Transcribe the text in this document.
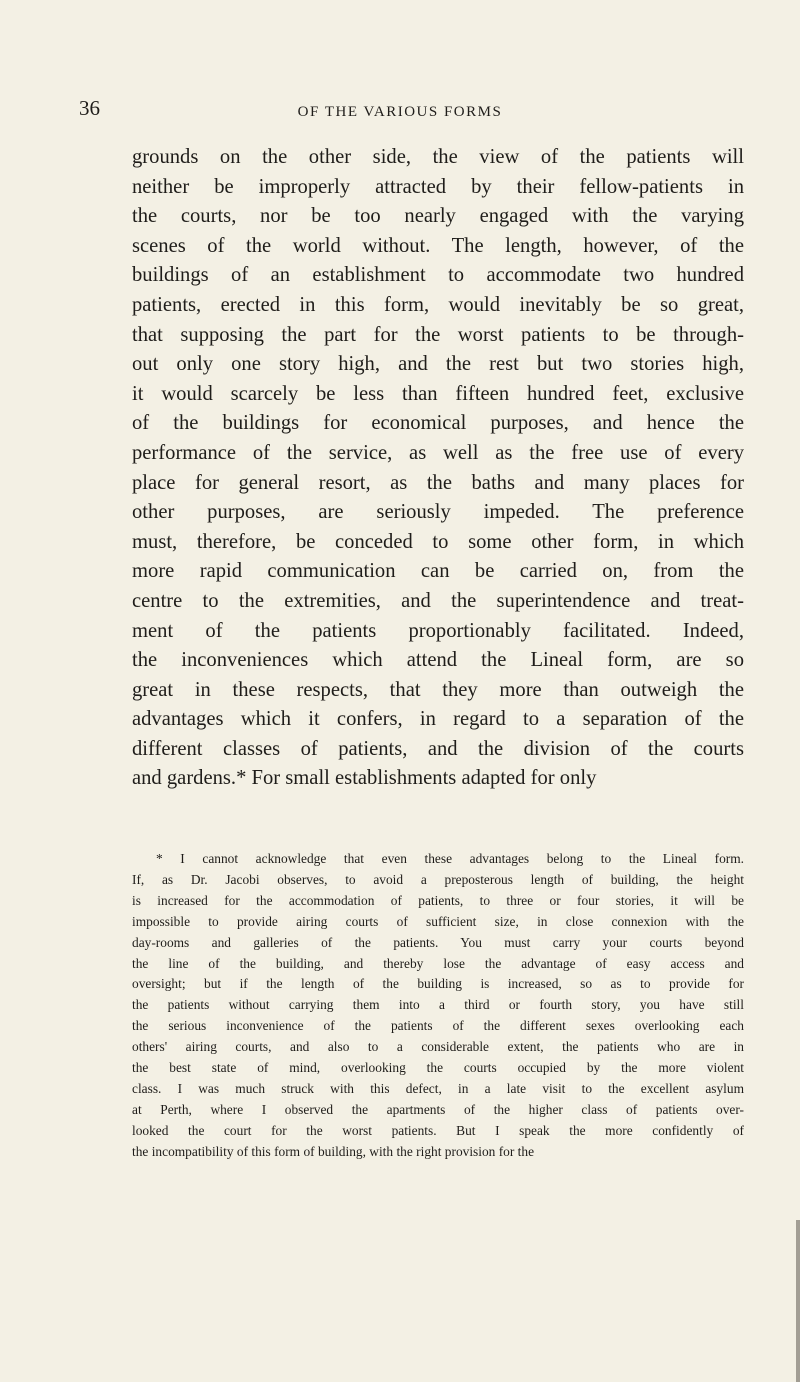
36	OF THE VARIOUS FORMS
grounds on the other side, the view of the patients will
neither be improperly attracted by their fellow-patients in
the courts, nor be too nearly engaged with the varying
scenes of the world without. The length, however, of the
buildings of an establishment to accommodate two hundred
patients, erected in this form, would inevitably be so great,
that supposing the part for the worst patients to be through-
out only one story high, and the rest but two stories high,
it would scarcely be less than fifteen hundred feet, exclusive
of the buildings for economical purposes, and hence the
performance of the service, as well as the free use of every
place for general resort, as the baths and many places for
other purposes, are seriously impeded. The preference
must, therefore, be conceded to some other form, in which
more rapid communication can be carried on, from the
centre to the extremities, and the superintendence and treat-
ment of the patients proportionably facilitated. Indeed,
the inconveniences which attend the Lineal form, are so
great in these respects, that they more than outweigh the
advantages which it confers, in regard to a separation of the
different classes of patients, and the division of the courts
and gardens.* For small establishments adapted for only
* I cannot acknowledge that even these advantages belong to the Lineal form.
If, as Dr. Jacobi observes, to avoid a preposterous length of building, the height
is increased for the accommodation of patients, to three or four stories, it will be
impossible to provide airing courts of sufficient size, in close connexion with the
day-rooms and galleries of the patients. You must carry your courts beyond
the line of the building, and thereby lose the advantage of easy access and
oversight; but if the length of the building is increased, so as to provide for
the patients without carrying them into a third or fourth story, you have still
the serious inconvenience of the patients of the different sexes overlooking each
others' airing courts, and also to a considerable extent, the patients who are in
the best state of mind, overlooking the courts occupied by the more violent
class. I was much struck with this defect, in a late visit to the excellent asylum
at Perth, where I observed the apartments of the higher class of patients over-
looked the court for the worst patients. But I speak the more confidently of
the incompatibility of this form of building, with the right provision for the
